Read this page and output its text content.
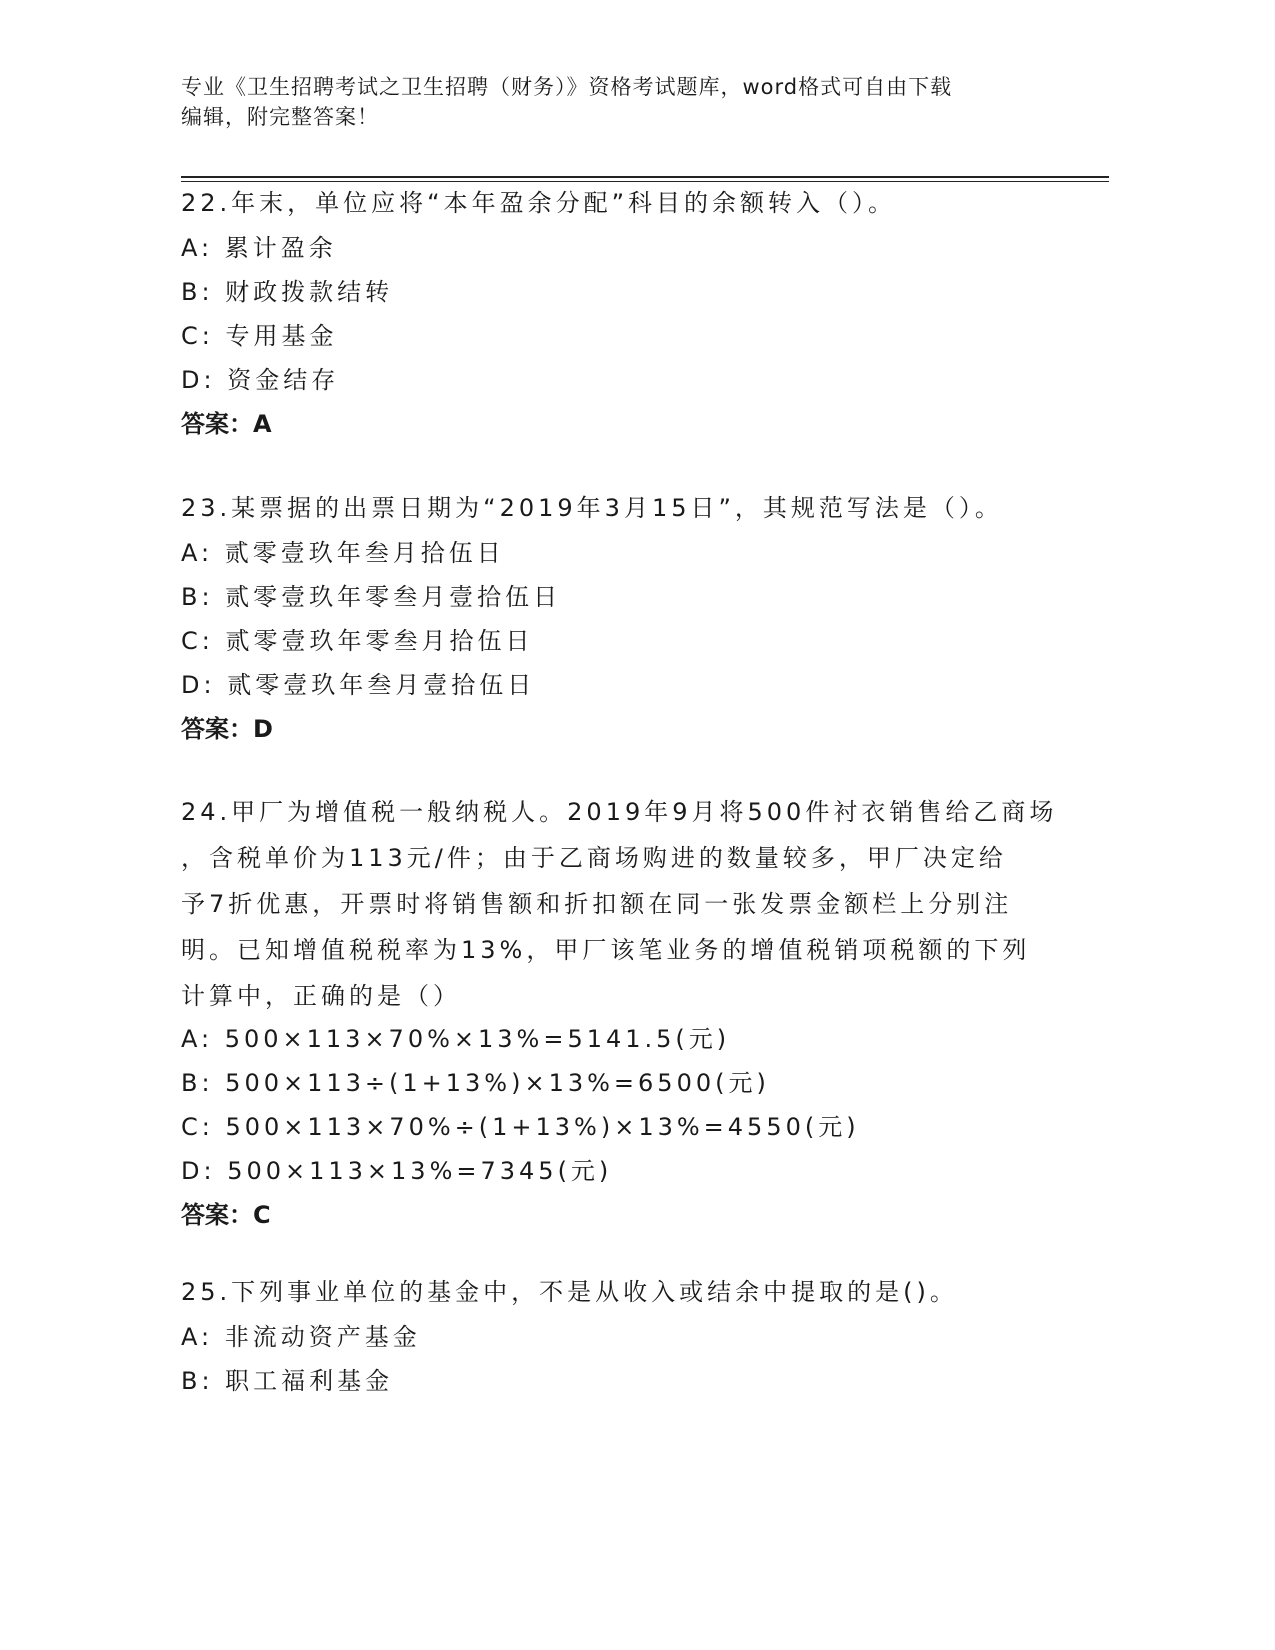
专业《卫生招聘考试之卫生招聘（财务）》资格考试题库，word格式可自由下载
编辑，附完整答案！
22.年末，单位应将“本年盈余分配”科目的余额转入（）。
A: 累计盈余
B: 财政拨款结转
C: 专用基金
D: 资金结存
答案：A
23.某票据的出票日期为“2019年3月15日”，其规范写法是（）。
A: 贰零壹玖年叁月拾伍日
B: 贰零壹玖年零叁月壹拾伍日
C: 贰零壹玖年零叁月拾伍日
D: 贰零壹玖年叁月壹拾伍日
答案：D
24.甲厂为增值税一般纳税人。2019年9月将500件衬衣销售给乙商场
，含税单价为113元/件；由于乙商场购进的数量较多，甲厂决定给
予7折优惠，开票时将销售额和折扣额在同一张发票金额栏上分别注
明。已知增值税税率为13%，甲厂该笔业务的增值税销项税额的下列
计算中，正确的是（）
A: 500×113×70%×13%=5141.5(元)
B: 500×113÷(1+13%)×13%=6500(元)
C: 500×113×70%÷(1+13%)×13%=4550(元)
D: 500×113×13%=7345(元)
答案：C
25.下列事业单位的基金中，不是从收入或结余中提取的是()。
A: 非流动资产基金
B: 职工福利基金
